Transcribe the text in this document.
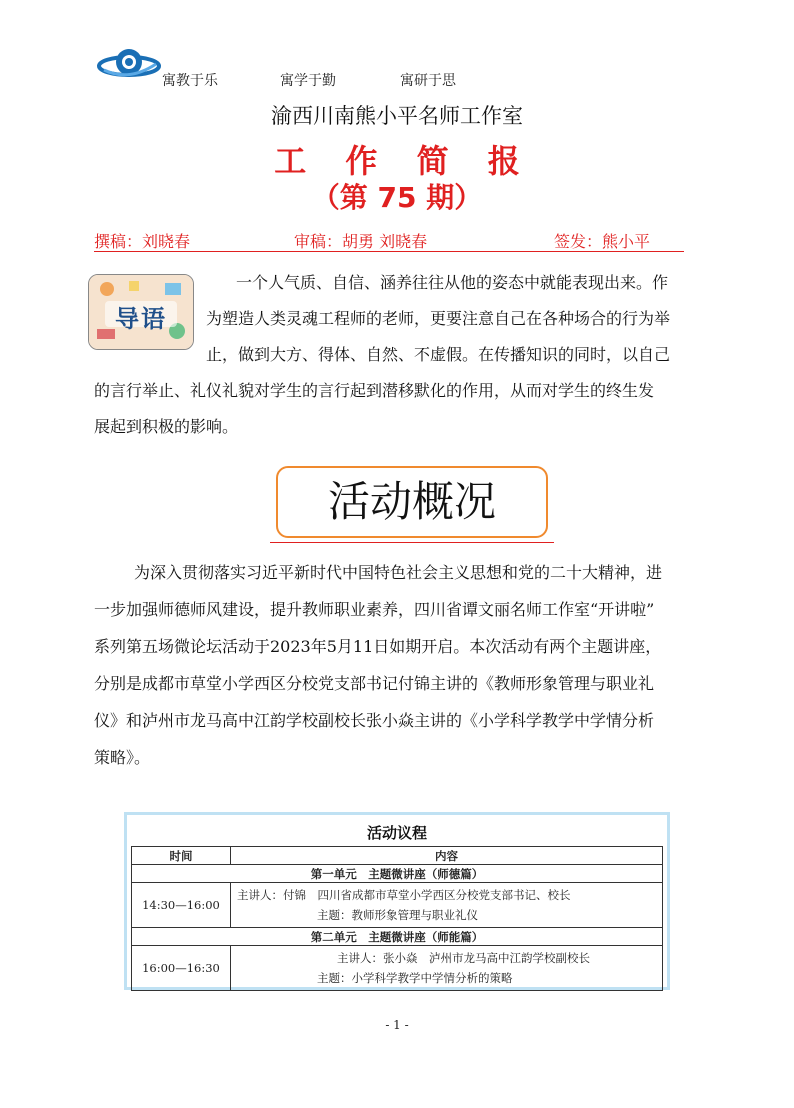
寓教于乐	寓学于勤	寓研于思
渝西川南熊小平名师工作室
工 作 简 报
（第 75 期）
撰稿：刘晓春	审稿：胡勇 刘晓春	签发：熊小平
导语
一个人气质、自信、涵养往往从他的姿态中就能表现出来。作
为塑造人类灵魂工程师的老师，更要注意自己在各种场合的行为举
止，做到大方、得体、自然、不虚假。在传播知识的同时，以自己
的言行举止、礼仪礼貌对学生的言行起到潜移默化的作用，从而对学生的终生发
展起到积极的影响。
活动概况
为深入贯彻落实习近平新时代中国特色社会主义思想和党的二十大精神，进
一步加强师德师风建设，提升教师职业素养，四川省谭文丽名师工作室“开讲啦”
系列第五场微论坛活动于2023年5月11日如期开启。本次活动有两个主题讲座，
分别是成都市草堂小学西区分校党支部书记付锦主讲的《教师形象管理与职业礼
仪》和泸州市龙马高中江韵学校副校长张小焱主讲的《小学科学教学中学情分析
策略》。
活动议程
时间	内容
第一单元　主题微讲座（师德篇）	
14:30—16:00	主讲人：付锦　四川省成都市草堂小学西区分校党支部书记、校长
主题：教师形象管理与职业礼仪

第二单元　主题微讲座（师能篇）	
16:00—16:30	主讲人：张小焱　泸州市龙马高中江韵学校副校长
主题：小学科学教学中学情分析的策略
- 1 -
